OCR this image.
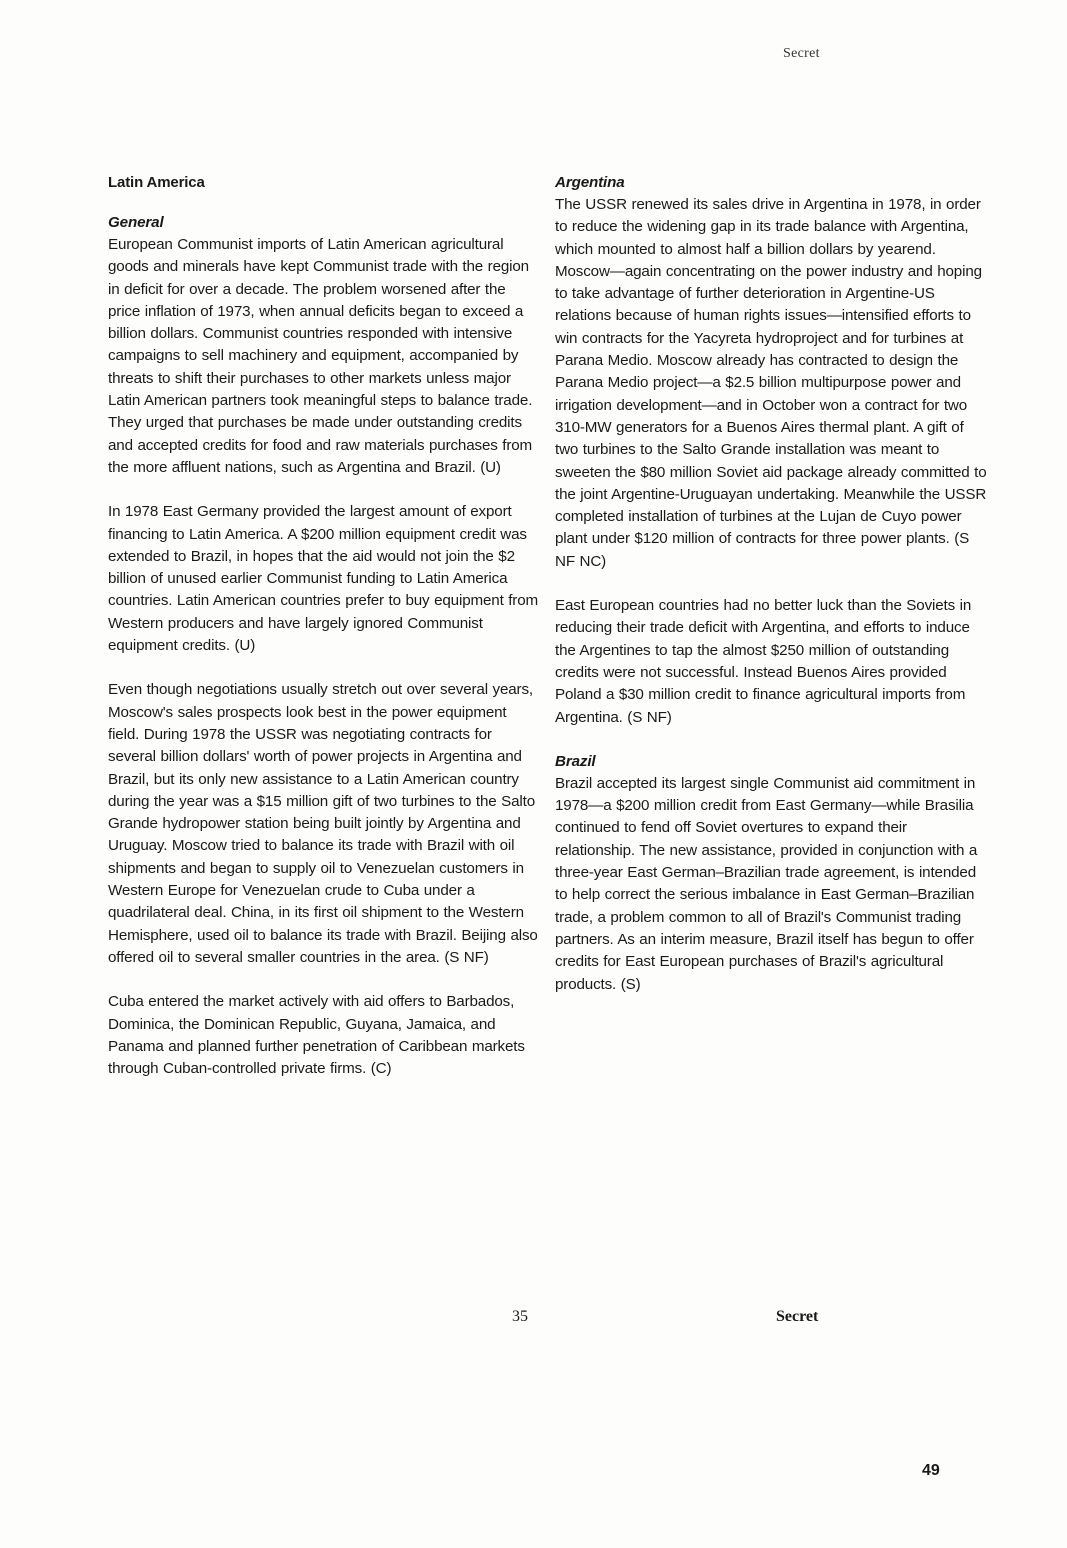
Secret

Latin America

General

European Communist imports of Latin American agricultural goods and minerals have kept Communist trade with the region in deficit for over a decade. The problem worsened after the price inflation of 1973, when annual deficits began to exceed a billion dollars. Communist countries responded with intensive campaigns to sell machinery and equipment, accompanied by threats to shift their purchases to other markets unless major Latin American partners took meaningful steps to balance trade. They urged that purchases be made under outstanding credits and accepted credits for food and raw materials purchases from the more affluent nations, such as Argentina and Brazil. (U)

In 1978 East Germany provided the largest amount of export financing to Latin America. A $200 million equipment credit was extended to Brazil, in hopes that the aid would not join the $2 billion of unused earlier Communist funding to Latin America countries. Latin American countries prefer to buy equipment from Western producers and have largely ignored Communist equipment credits. (U)

Even though negotiations usually stretch out over several years, Moscow's sales prospects look best in the power equipment field. During 1978 the USSR was negotiating contracts for several billion dollars' worth of power projects in Argentina and Brazil, but its only new assistance to a Latin American country during the year was a $15 million gift of two turbines to the Salto Grande hydropower station being built jointly by Argentina and Uruguay. Moscow tried to balance its trade with Brazil with oil shipments and began to supply oil to Venezuelan customers in Western Europe for Venezuelan crude to Cuba under a quadrilateral deal. China, in its first oil shipment to the Western Hemisphere, used oil to balance its trade with Brazil. Beijing also offered oil to several smaller countries in the area. (S NF)

Cuba entered the market actively with aid offers to Barbados, Dominica, the Dominican Republic, Guyana, Jamaica, and Panama and planned further penetration of Caribbean markets through Cuban-controlled private firms. (C)

Argentina

The USSR renewed its sales drive in Argentina in 1978, in order to reduce the widening gap in its trade balance with Argentina, which mounted to almost half a billion dollars by yearend. Moscow—again concentrating on the power industry and hoping to take advantage of further deterioration in Argentine-US relations because of human rights issues—intensified efforts to win contracts for the Yacyreta hydroproject and for turbines at Parana Medio. Moscow already has contracted to design the Parana Medio project—a $2.5 billion multipurpose power and irrigation development—and in October won a contract for two 310-MW generators for a Buenos Aires thermal plant. A gift of two turbines to the Salto Grande installation was meant to sweeten the $80 million Soviet aid package already committed to the joint Argentine-Uruguayan undertaking. Meanwhile the USSR completed installation of turbines at the Lujan de Cuyo power plant under $120 million of contracts for three power plants. (S NF NC)

East European countries had no better luck than the Soviets in reducing their trade deficit with Argentina, and efforts to induce the Argentines to tap the almost $250 million of outstanding credits were not successful. Instead Buenos Aires provided Poland a $30 million credit to finance agricultural imports from Argentina. (S NF)

Brazil

Brazil accepted its largest single Communist aid commitment in 1978—a $200 million credit from East Germany—while Brasilia continued to fend off Soviet overtures to expand their relationship. The new assistance, provided in conjunction with a three-year East German–Brazilian trade agreement, is intended to help correct the serious imbalance in East German–Brazilian trade, a problem common to all of Brazil's Communist trading partners. As an interim measure, Brazil itself has begun to offer credits for East European purchases of Brazil's agricultural products. (S)

35	Secret
49
